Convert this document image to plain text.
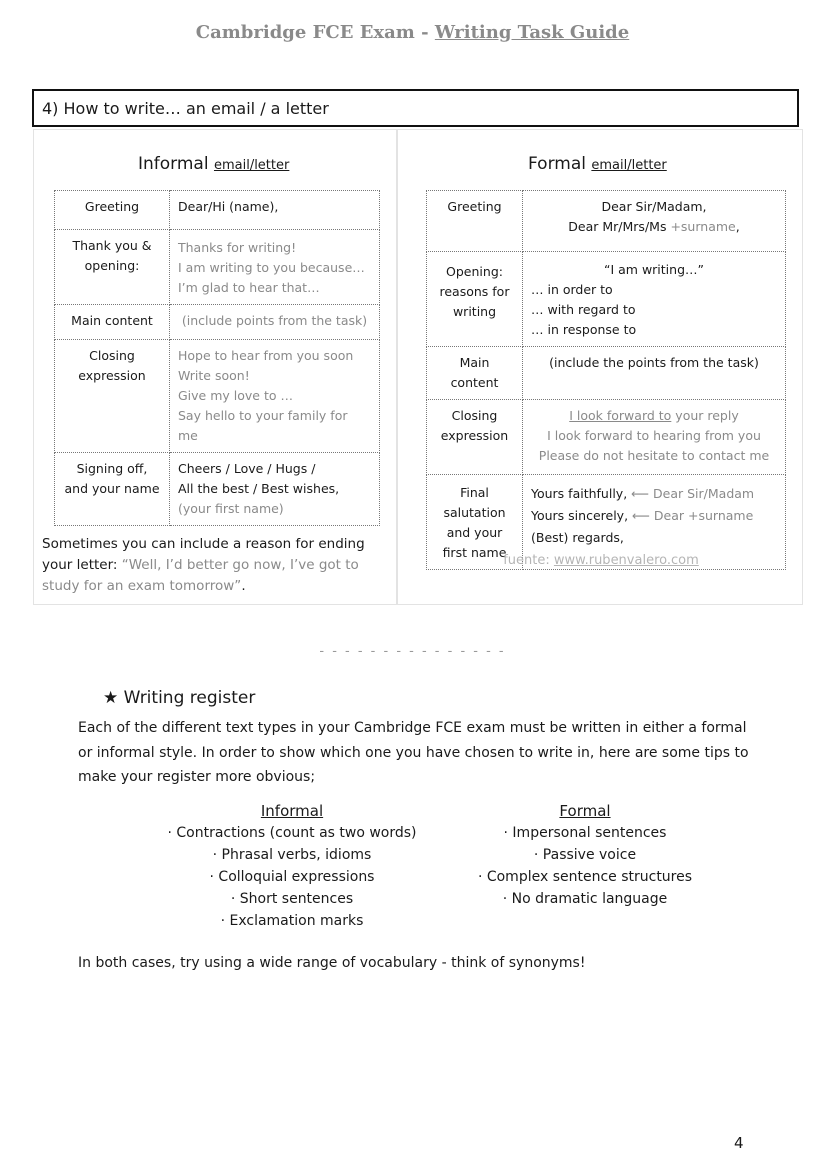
Cambridge FCE Exam - Writing Task Guide
4) How to write… an email / a letter
Informal email/letter
Greeting	Dear/Hi (name),

Thank you & opening:	Thanks for writing!
I am writing to you because…
I’m glad to hear that…

Main content	(include points from the task)

Closing expression	Hope to hear from you soon
Write soon!
Give my love to …
Say hello to your family for me

Signing off, and your name	Cheers / Love / Hugs /
All the best / Best wishes,
(your first name)
Sometimes you can include a reason for ending your letter: “Well, I’d better go now, I’ve got to study for an exam tomorrow”.
Formal email/letter
Greeting	Dear Sir/Madam,
Dear Mr/Mrs/Ms +surname,

Opening: reasons for writing	“I am writing…”
… in order to
… with regard to
… in response to

Main content	(include the points from the task)

Closing expression	I look forward to your reply
I look forward to hearing from you
Please do not hesitate to contact me

Final salutation and your first name	Yours faithfully, ⟵ Dear Sir/Madam
Yours sincerely, ⟵ Dear +surname
(Best) regards,
fuente: www.rubenvalero.com
- - - - - - - - - - - - - - -
★ Writing register
Each of the different text types in your Cambridge FCE exam must be written in either a formal or informal style. In order to show which one you have chosen to write in, here are some tips to make your register more obvious;
Informal
· Contractions (count as two words)
· Phrasal verbs, idioms
· Colloquial expressions
· Short sentences
· Exclamation marks
Formal
· Impersonal sentences
· Passive voice
· Complex sentence structures
· No dramatic language
In both cases, try using a wide range of vocabulary - think of synonyms!
4
